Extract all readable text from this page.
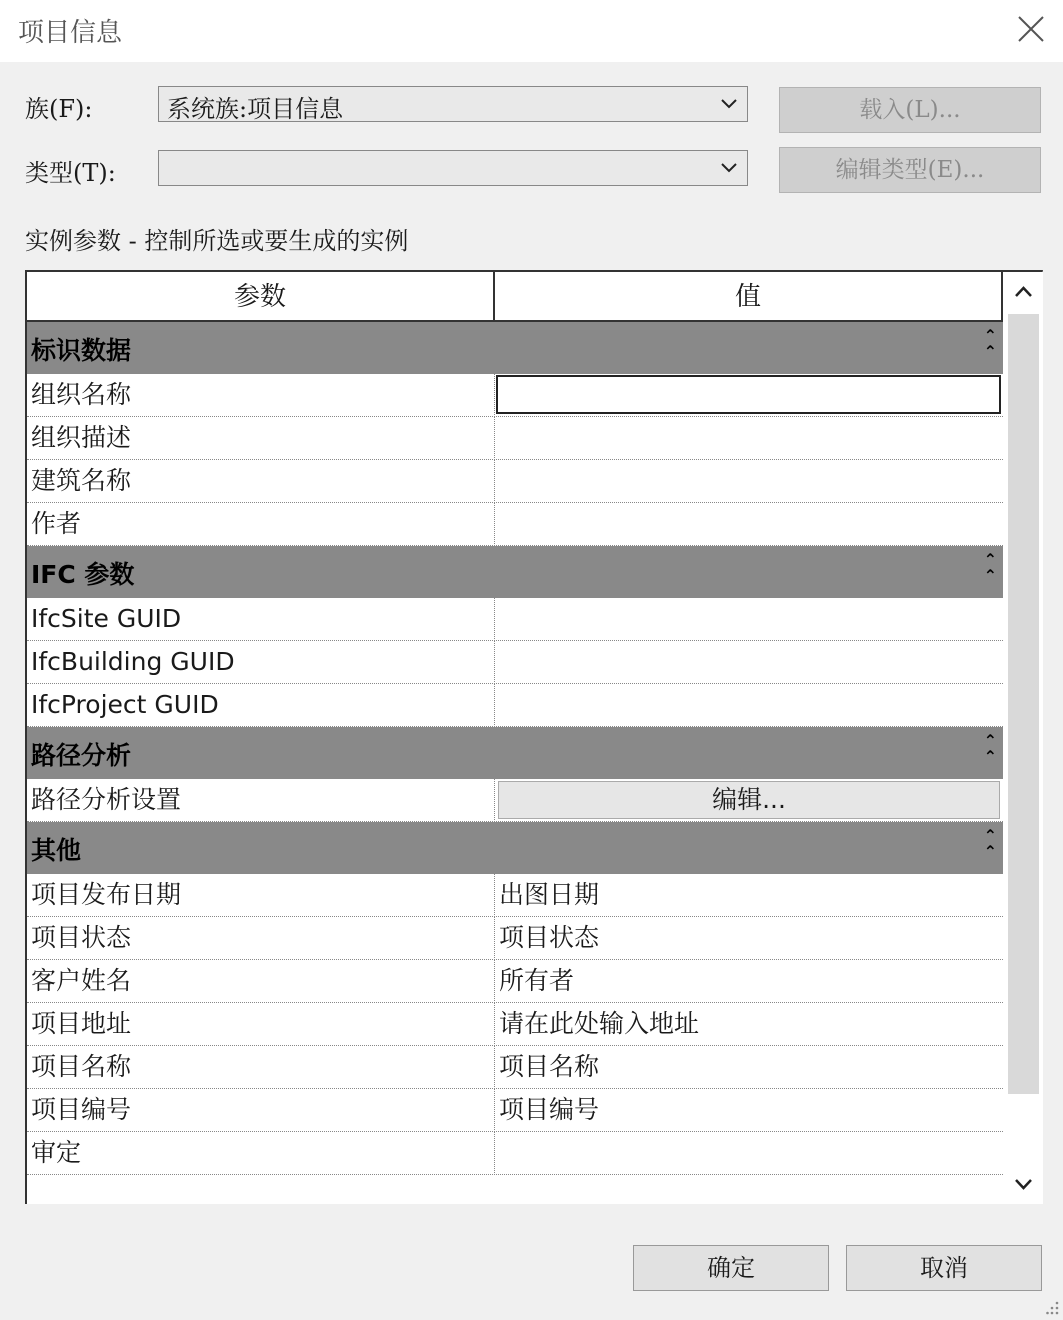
项目信息
族(F):	系统族:项目信息	载入(L)...
类型(T):	编辑类型(E)...
实例参数 - 控制所选或要生成的实例
参数	值
标识数据
⌃
⌃
组织名称
组织描述
建筑名称
作者
IFC 参数
⌃
⌃
IfcSite GUID
IfcBuilding GUID
IfcProject GUID
路径分析
⌃
⌃
路径分析设置	编辑...
其他
⌃
⌃
项目发布日期	出图日期
项目状态	项目状态
客户姓名	所有者
项目地址	请在此处输入地址
项目名称	项目名称
项目编号	项目编号
审定
确定	取消
